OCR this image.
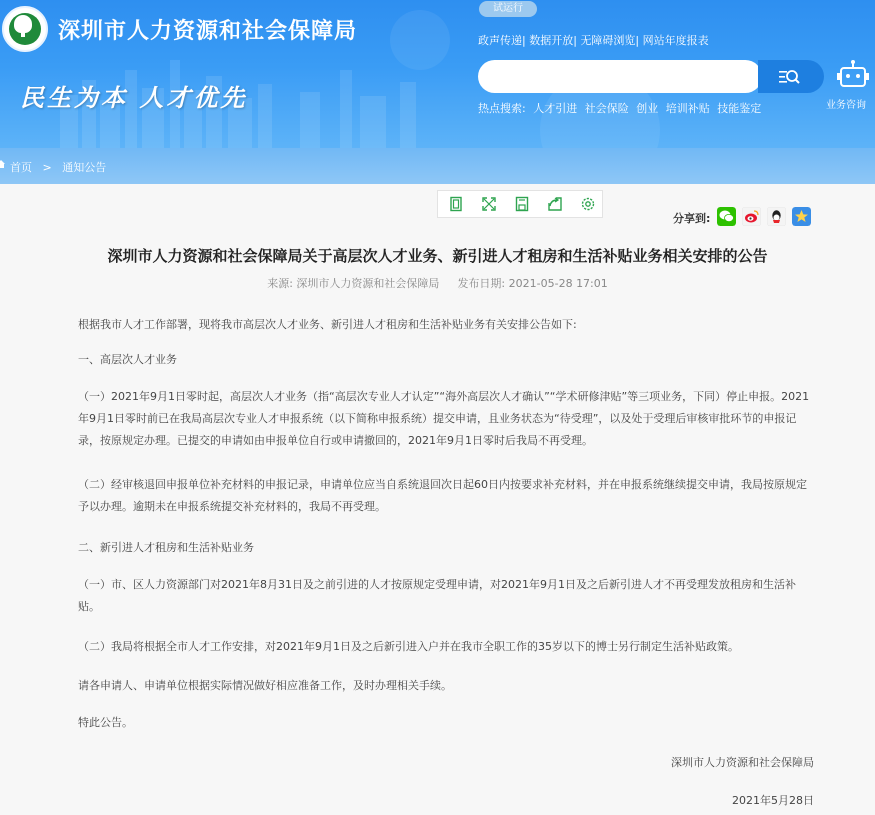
深圳市人力资源和社会保障局
民生为本 人才优先
试运行
政声传递| 数据开放| 无障碍浏览| 网站年度报表
热点搜索: 人才引进 社会保险 创业 培训补贴 技能鉴定	业务咨询
首页 > 通知公告
分享到:
深圳市人力资源和社会保障局关于高层次人才业务、新引进人才租房和生活补贴业务相关安排的公告
来源: 深圳市人力资源和社会保障局 发布日期: 2021-05-28 17:01
根据我市人才工作部署，现将我市高层次人才业务、新引进人才租房和生活补贴业务有关安排公告如下:
一、高层次人才业务
（一）2021年9月1日零时起，高层次人才业务（指“高层次专业人才认定”“海外高层次人才确认”“学术研修津贴”等三项业务，下同）停止申报。2021年9月1日零时前已在我局高层次专业人才申报系统（以下简称申报系统）提交申请，且业务状态为“待受理”，以及处于受理后审核审批环节的申报记录，按原规定办理。已提交的申请如由申报单位自行或申请撤回的，2021年9月1日零时后我局不再受理。
（二）经审核退回申报单位补充材料的申报记录，申请单位应当自系统退回次日起60日内按要求补充材料，并在申报系统继续提交申请，我局按原规定予以办理。逾期未在申报系统提交补充材料的，我局不再受理。
二、新引进人才租房和生活补贴业务
（一）市、区人力资源部门对2021年8月31日及之前引进的人才按原规定受理申请，对2021年9月1日及之后新引进人才不再受理发放租房和生活补贴。
（二）我局将根据全市人才工作安排，对2021年9月1日及之后新引进入户并在我市全职工作的35岁以下的博士另行制定生活补贴政策。
请各申请人、申请单位根据实际情况做好相应准备工作，及时办理相关手续。
特此公告。
深圳市人力资源和社会保障局
2021年5月28日
